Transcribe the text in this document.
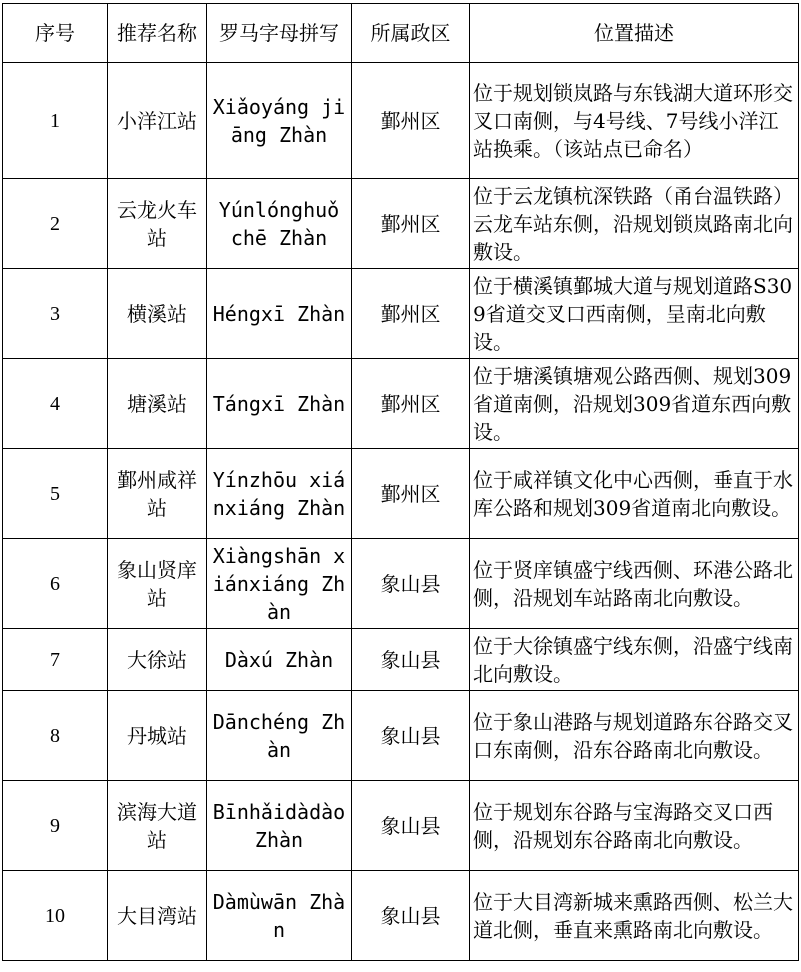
序号	推荐名称	罗马字母拼写	所属政区	位置描述
1	小洋江站	Xiǎoyáng jiāng Zhàn	鄞州区	位于规划锁岚路与东钱湖大道环形交叉口南侧，与4号线、7号线小洋江站换乘。（该站点已命名）
2	云龙火车站	Yúnlónghuǒ chē Zhàn	鄞州区	位于云龙镇杭深铁路（甬台温铁路）云龙车站东侧，沿规划锁岚路南北向敷设。
3	横溪站	Héngxī Zhàn	鄞州区	位于横溪镇鄞城大道与规划道路S309省道交叉口西南侧，呈南北向敷设。
4	塘溪站	Tángxī Zhàn	鄞州区	位于塘溪镇塘观公路西侧、规划309省道南侧，沿规划309省道东西向敷设。
5	鄞州咸祥站	Yínzhōu xiánxiáng Zhàn	鄞州区	位于咸祥镇文化中心西侧，垂直于水库公路和规划309省道南北向敷设。
6	象山贤庠站	Xiàngshān xiánxiáng Zhàn	象山县	位于贤庠镇盛宁线西侧、环港公路北侧，沿规划车站路南北向敷设。
7	大徐站	Dàxú Zhàn	象山县	位于大徐镇盛宁线东侧，沿盛宁线南北向敷设。
8	丹城站	Dānchéng Zhàn	象山县	位于象山港路与规划道路东谷路交叉口东南侧，沿东谷路南北向敷设。
9	滨海大道站	Bīnhǎidàdào Zhàn	象山县	位于规划东谷路与宝海路交叉口西侧，沿规划东谷路南北向敷设。
10	大目湾站	Dàmùwān Zhàn	象山县	位于大目湾新城来熏路西侧、松兰大道北侧，垂直来熏路南北向敷设。
